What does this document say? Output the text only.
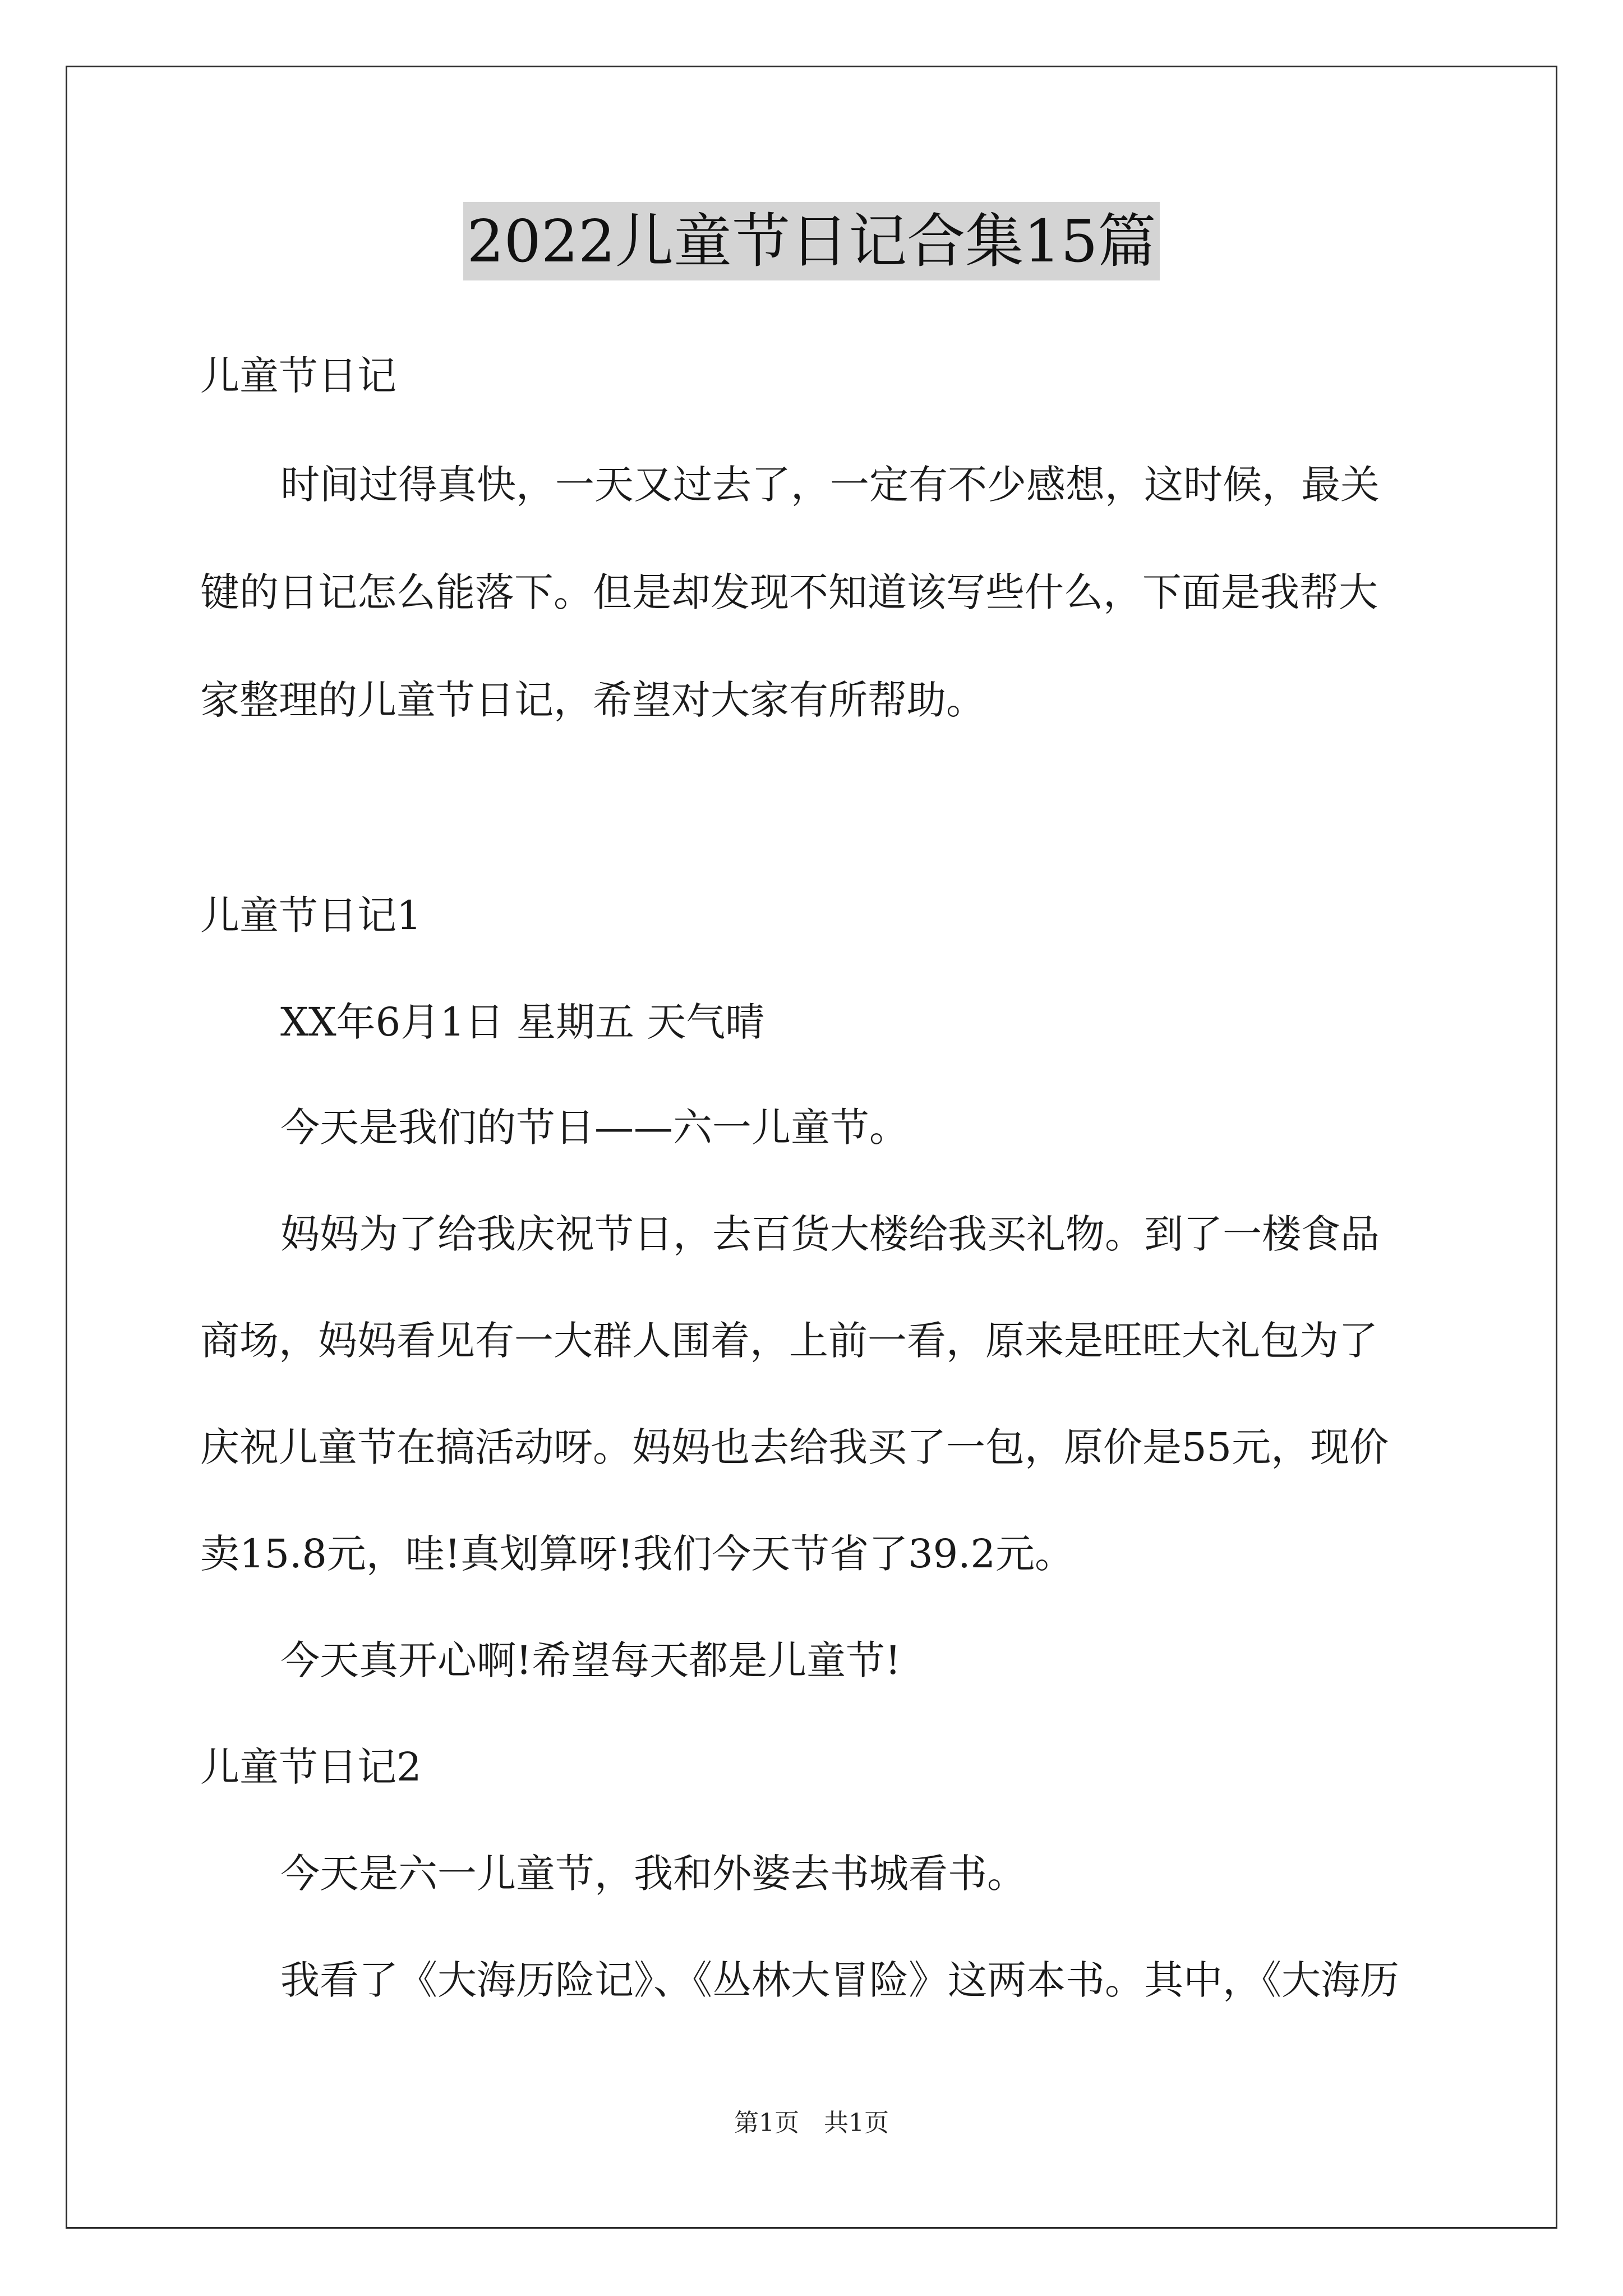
2022儿童节日记合集15篇
儿童节日记
时间过得真快，一天又过去了，一定有不少感想，这时候，最关
键的日记怎么能落下。但是却发现不知道该写些什么，下面是我帮大
家整理的儿童节日记，希望对大家有所帮助。
儿童节日记1
XX年6月1日 星期五 天气晴
今天是我们的节日——六一儿童节。
妈妈为了给我庆祝节日，去百货大楼给我买礼物。到了一楼食品
商场，妈妈看见有一大群人围着，上前一看，原来是旺旺大礼包为了
庆祝儿童节在搞活动呀。妈妈也去给我买了一包，原价是55元，现价
卖15.8元，哇!真划算呀!我们今天节省了39.2元。
今天真开心啊!希望每天都是儿童节!
儿童节日记2
今天是六一儿童节，我和外婆去书城看书。
我看了《大海历险记》、《丛林大冒险》这两本书。其中，《大海历
第1页　共1页
